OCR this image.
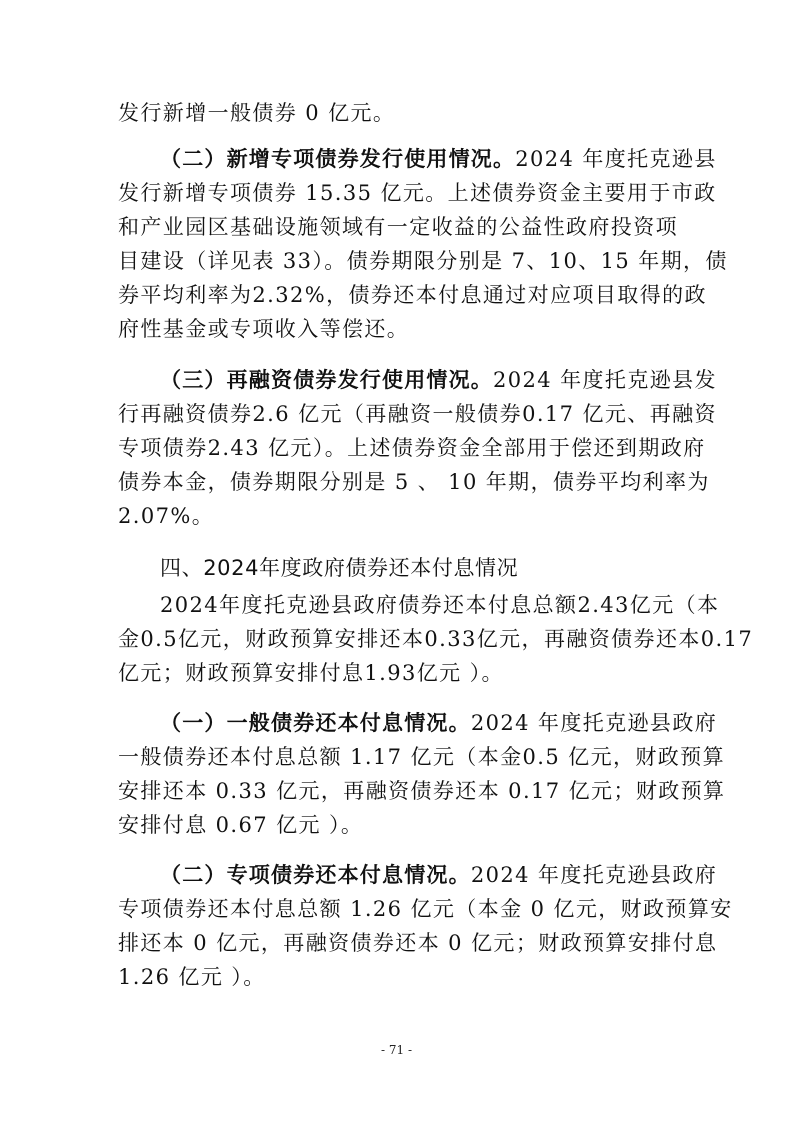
发行新增一般债券 0 亿元。
（二）新增专项债券发行使用情况。2024 年度托克逊县
发行新增专项债券 15.35 亿元。上述债券资金主要用于市政
和产业园区基础设施领域有一定收益的公益性政府投资项
目建设（详见表 33）。债券期限分别是 7、10、15 年期，债
券平均利率为2.32%，债券还本付息通过对应项目取得的政
府性基金或专项收入等偿还。
（三）再融资债券发行使用情况。2024 年度托克逊县发
行再融资债券2.6 亿元（再融资一般债券0.17 亿元、再融资
专项债券2.43 亿元）。上述债券资金全部用于偿还到期政府
债券本金，债券期限分别是 5 、 10 年期，债券平均利率为
2.07%。
四、2024年度政府债券还本付息情况
2024年度托克逊县政府债券还本付息总额2.43亿元（本
金0.5亿元，财政预算安排还本0.33亿元，再融资债券还本0.17
亿元；财政预算安排付息1.93亿元 ）。
（一）一般债券还本付息情况。2024 年度托克逊县政府
一般债券还本付息总额 1.17 亿元（本金0.5 亿元，财政预算
安排还本 0.33 亿元，再融资债券还本 0.17 亿元；财政预算
安排付息 0.67 亿元 ）。
（二）专项债券还本付息情况。2024 年度托克逊县政府
专项债券还本付息总额 1.26 亿元（本金 0 亿元，财政预算安
排还本 0 亿元，再融资债券还本 0 亿元；财政预算安排付息
1.26 亿元 ）。
- 71 -
